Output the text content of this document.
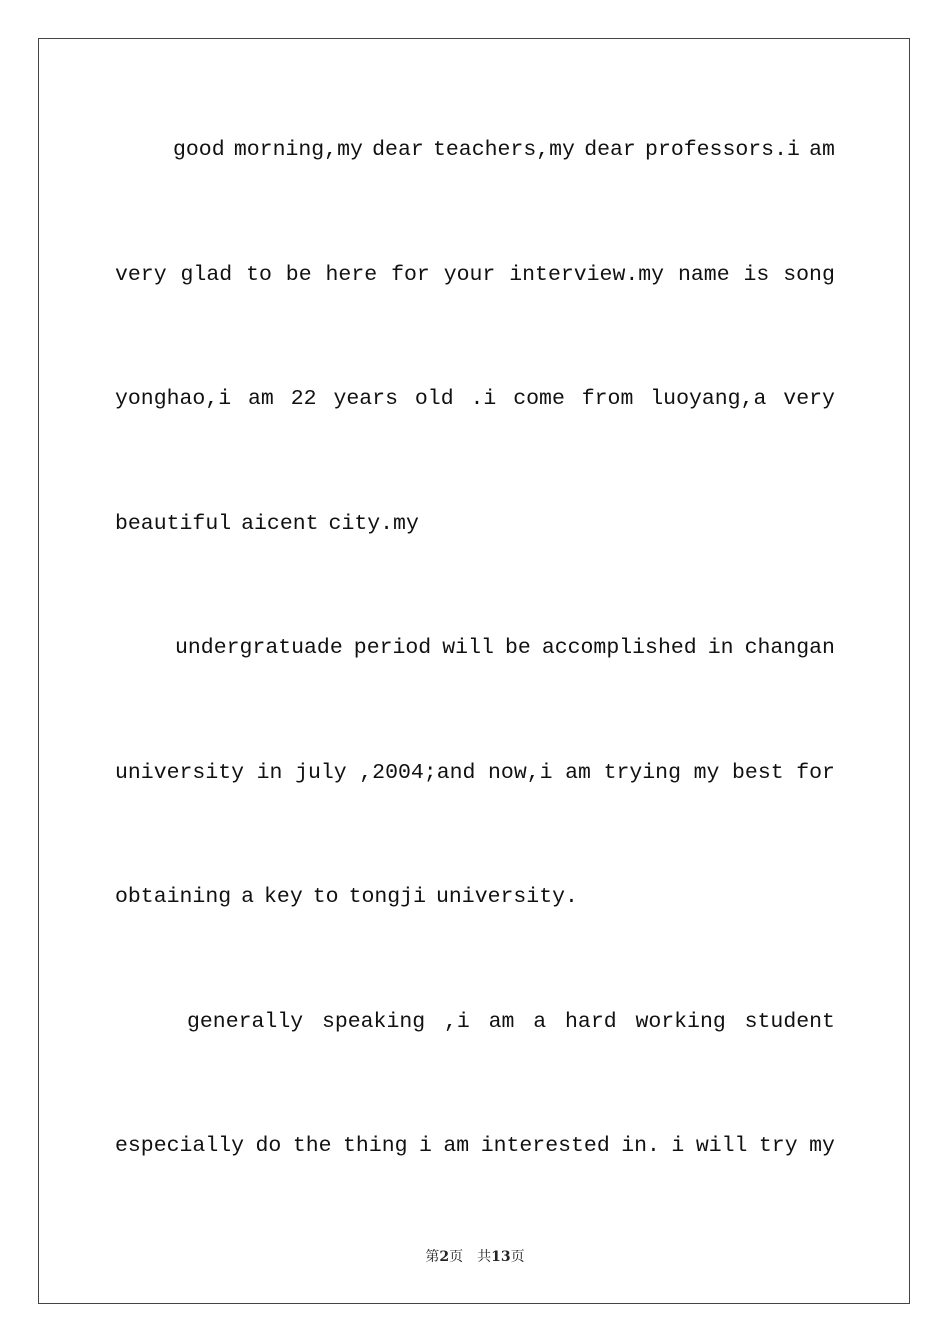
good morning,my dear teachers,my dear professors.i am
very glad to be here for your interview.my name is song
yonghao,i am 22 years old .i come from luoyang,a very
beautiful aicent city.my
undergratuade period will be accomplished in changan
university in july ,2004;and now,i am trying my best for
obtaining a key to tongji university.
generally speaking ,i am a hard working student
especially do the thing i am interested in. i will try my
第2页　共13页
